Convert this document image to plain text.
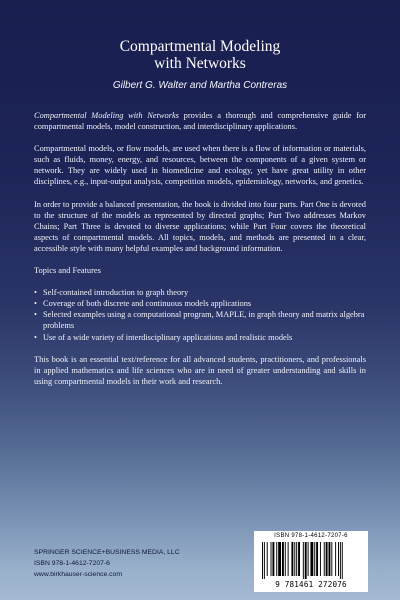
Compartmental Modeling
with Networks
Gilbert G. Walter and Martha Contreras

Compartmental Modeling with Networks provides a thorough and comprehensive guide for compartmental models, model construction, and interdisciplinary applications.

Compartmental models, or flow models, are used when there is a flow of information or materials, such as fluids, money, energy, and resources, between the components of a given system or network. They are widely used in biomedicine and ecology, yet have great utility in other disciplines, e.g., input-output analysis, competition models, epidemiology, networks, and genetics.

In order to provide a balanced presentation, the book is divided into four parts. Part One is devoted to the structure of the models as represented by directed graphs; Part Two addresses Markov Chains; Part Three is devoted to diverse applications; while Part Four covers the theoretical aspects of compartmental models. All topics, models, and methods are presented in a clear, accessible style with many helpful examples and background information.

Topics and Features

• Self-contained introduction to graph theory
• Coverage of both discrete and continuous models applications
• Selected examples using a computational program, MAPLE, in graph theory and matrix algebra problems
• Use of a wide variety of interdisciplinary applications and realistic models

This book is an essential text/reference for all advanced students, practitioners, and professionals in applied mathematics and life sciences who are in need of greater understanding and skills in using compartmental models in their work and research.

SPRINGER SCIENCE+BUSINESS MEDIA, LLC
ISBN 978-1-4612-7207-6
www.birkhauser-science.com
ISBN 978-1-4612-7207-6
9 781461 272076
